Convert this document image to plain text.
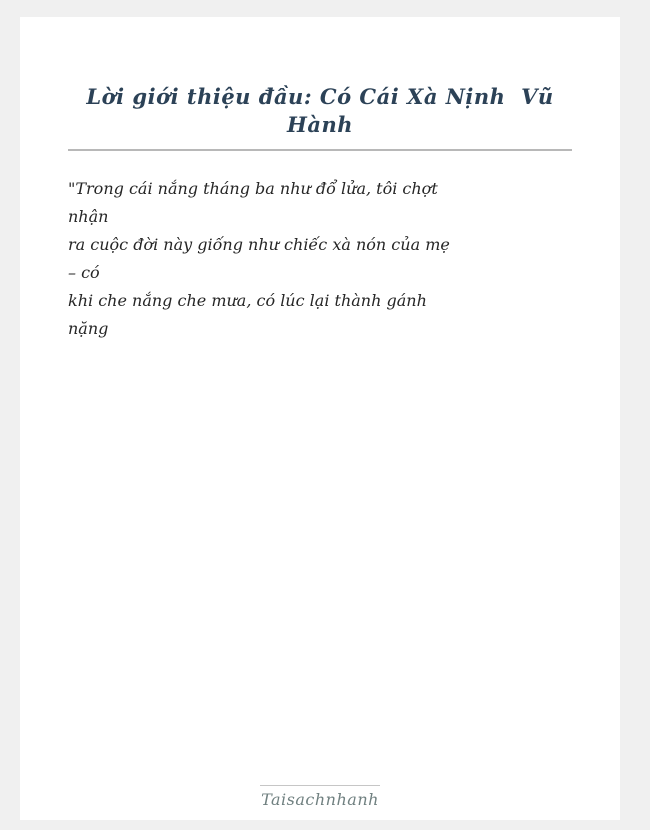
Lời giới thiệu đầu: Có Cái Xà Nịnh  Vũ Hành
"Trong cái nắng tháng ba như đổ lửa, tôi chợt
nhận
ra cuộc đời này giống như chiếc xà nón của mẹ
– có
khi che nắng che mưa, có lúc lại thành gánh
nặng
Taisachnhanh
